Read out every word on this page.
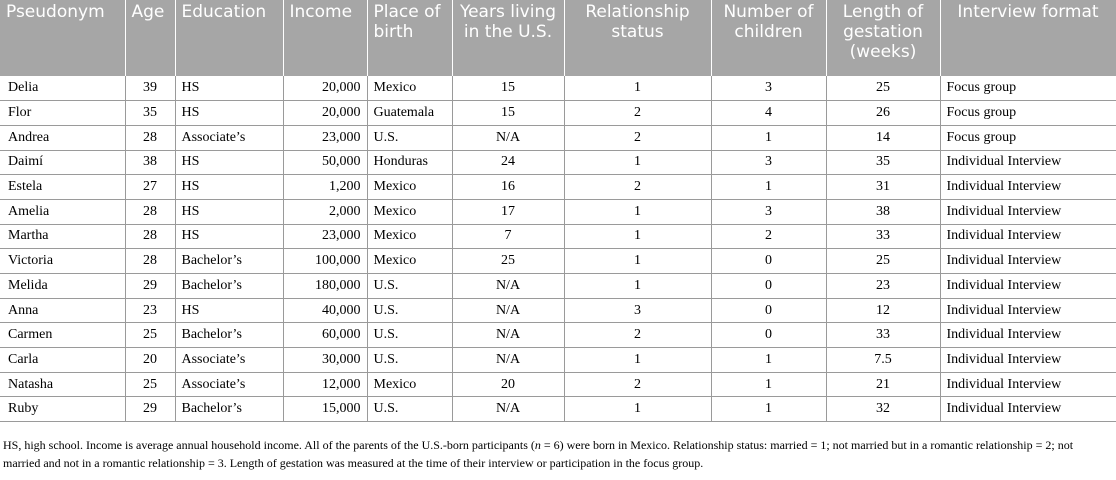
Pseudonym	Age	Education	Income	Place of birth	Years living in the U.S.	Relationship status	Number of children	Length of gestation (weeks)	Interview format
Delia	39	HS	20,000	Mexico	15	1	3	25	Focus group
Flor	35	HS	20,000	Guatemala	15	2	4	26	Focus group
Andrea	28	Associate’s	23,000	U.S.	N/A	2	1	14	Focus group
Daimí	38	HS	50,000	Honduras	24	1	3	35	Individual Interview
Estela	27	HS	1,200	Mexico	16	2	1	31	Individual Interview
Amelia	28	HS	2,000	Mexico	17	1	3	38	Individual Interview
Martha	28	HS	23,000	Mexico	7	1	2	33	Individual Interview
Victoria	28	Bachelor’s	100,000	Mexico	25	1	0	25	Individual Interview
Melida	29	Bachelor’s	180,000	U.S.	N/A	1	0	23	Individual Interview
Anna	23	HS	40,000	U.S.	N/A	3	0	12	Individual Interview
Carmen	25	Bachelor’s	60,000	U.S.	N/A	2	0	33	Individual Interview
Carla	20	Associate’s	30,000	U.S.	N/A	1	1	7.5	Individual Interview
Natasha	25	Associate’s	12,000	Mexico	20	2	1	21	Individual Interview
Ruby	29	Bachelor’s	15,000	U.S.	N/A	1	1	32	Individual Interview
HS, high school. Income is average annual household income. All of the parents of the U.S.-born participants (n = 6) were born in Mexico. Relationship status: married = 1; not married but in a romantic relationship = 2; not married and not in a romantic relationship = 3. Length of gestation was measured at the time of their interview or participation in the focus group.
